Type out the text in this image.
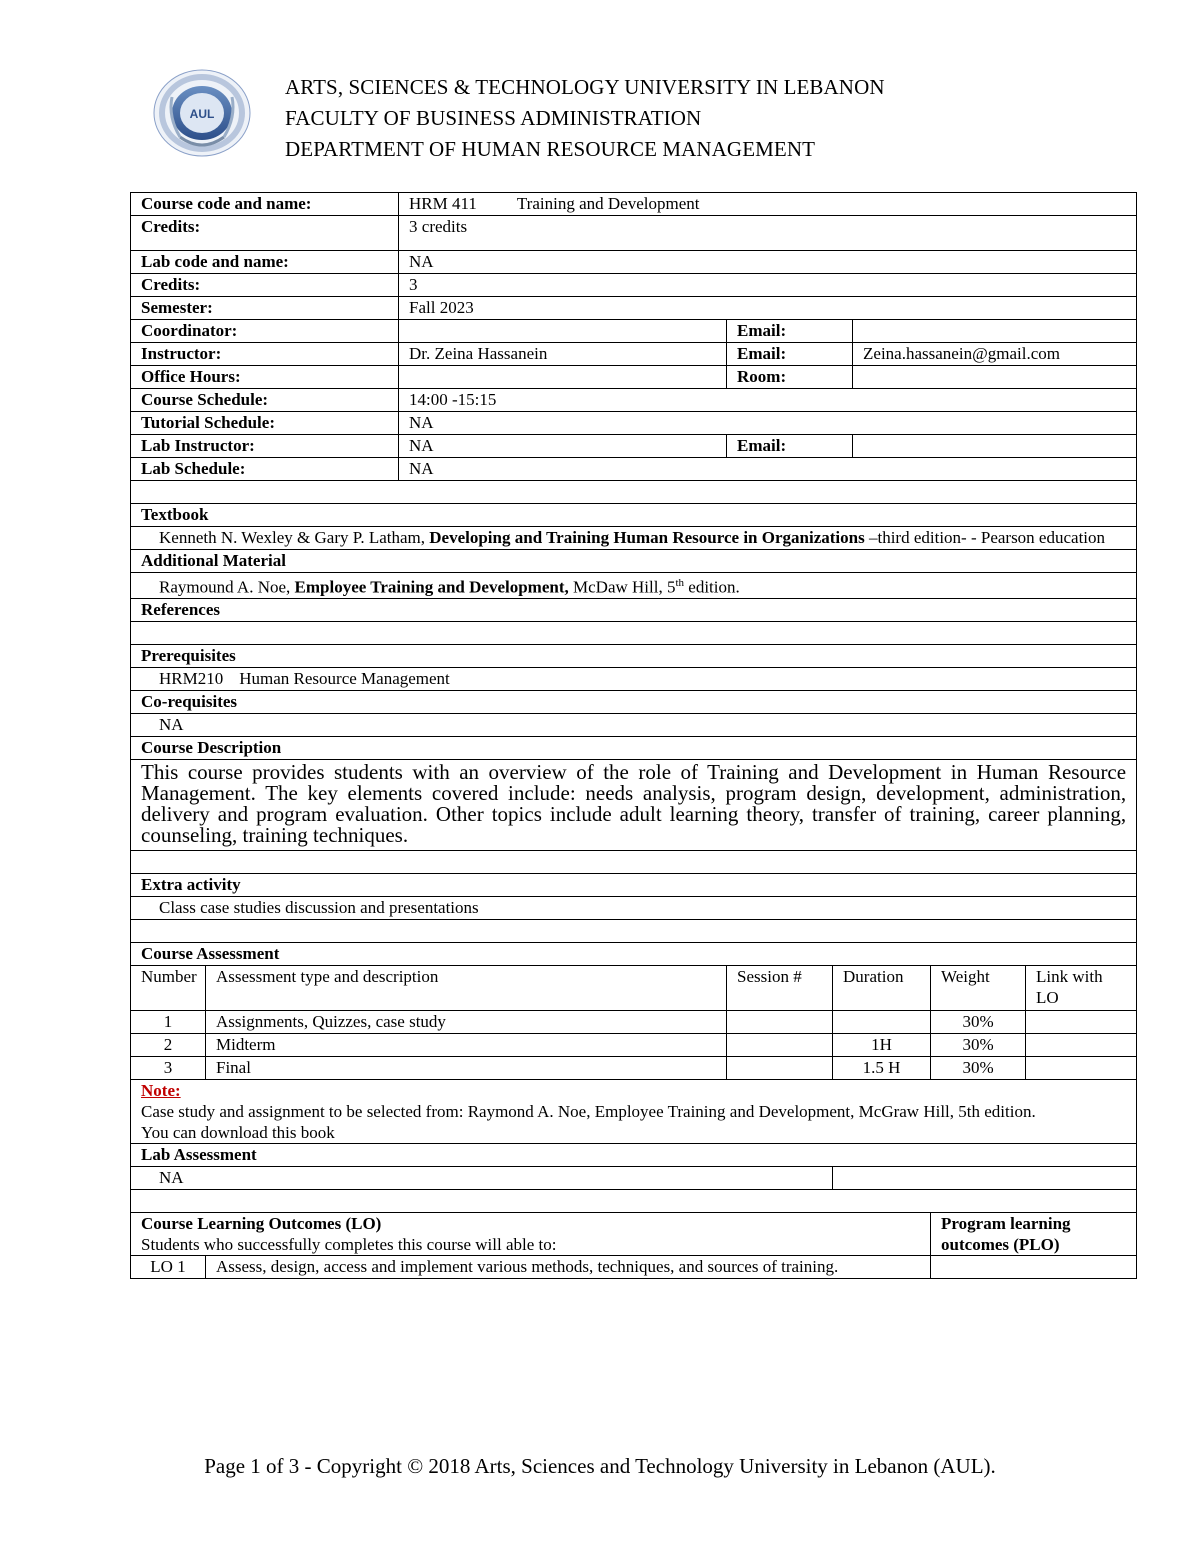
AUL
ARTS, SCIENCES & TECHNOLOGY UNIVERSITY IN LEBANON
FACULTY OF BUSINESS ADMINISTRATION
DEPARTMENT OF HUMAN RESOURCE MANAGEMENT
Course code and name:		HRM 411 Training and Development					
Credits:		3 credits					
Lab code and name:		NA					
Credits:		3					
Semester:		Fall 2023					
Coordinator:			Email:				
Instructor:		Dr. Zeina Hassanein	Email:		Zeina.hassanein@gmail.com		
Office Hours:			Room:				
Course Schedule:		14:00 -15:15					
Tutorial Schedule:		NA					
Lab Instructor:		NA	Email:				
Lab Schedule:		NA					

Textbook							
Kenneth N. Wexley & Gary P. Latham, Developing and Training Human Resource in Organizations –third edition- - Pearson education							
Additional Material							
Raymound A. Noe, Employee Training and Development, McDaw Hill, 5th edition.							
References							

Prerequisites							
HRM210 Human Resource Management							
Co-requisites							
NA							
Course Description							
This course provides students with an overview of the role of Training and Development in Human Resource Management. The key elements covered include: needs analysis, program design, development, administration, delivery and program evaluation. Other topics include adult learning theory, transfer of training, career planning, counseling, training techniques.							

Extra activity							
Class case studies discussion and presentations							

Course Assessment							
Number	Assessment type and description		Session #	Duration		Weight	Link with LO
1	Assignments, Quizzes, case study					30%	
2	Midterm			1H		30%	
3	Final			1.5 H		30%	

Note:
Case study and assignment to be selected from: Raymond A. Noe, Employee Training and Development, McGraw Hill, 5th edition.
You can download this book							

Lab Assessment							
NA							

Course Learning Outcomes (LO)
Students who successfully completes this course will able to:						Program learning outcomes (PLO)	
LO 1	Assess, design, access and implement various methods, techniques, and sources of training.						
Page 1 of 3 - Copyright © 2018 Arts, Sciences and Technology University in Lebanon (AUL).
